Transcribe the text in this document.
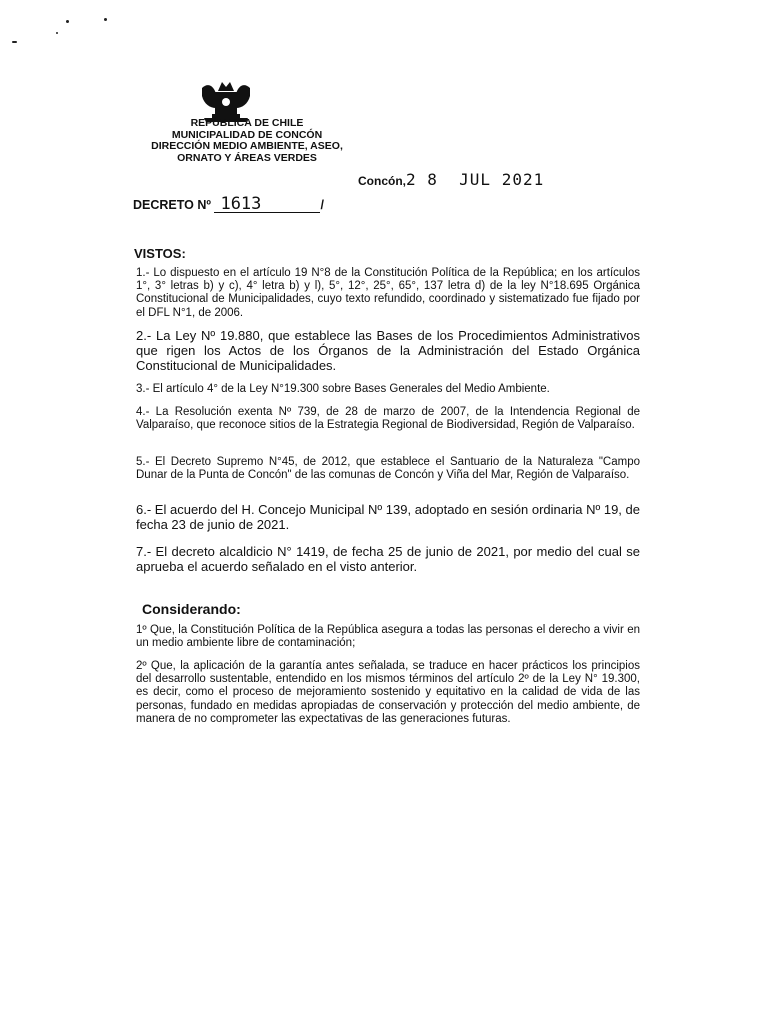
REPÚBLICA DE CHILE
MUNICIPALIDAD DE CONCÓN
DIRECCIÓN MEDIO AMBIENTE, ASEO,
ORNATO Y ÁREAS VERDES
Concón,2 8  JUL 2021
DECRETO Nº 1613	/
VISTOS:
1.- Lo dispuesto en el artículo 19 N°8 de la Constitución Política de la República; en los artículos 1°, 3° letras b) y c), 4° letra b) y l), 5°, 12°, 25°, 65°, 137 letra d) de la ley N°18.695 Orgánica Constitucional de Municipalidades, cuyo texto refundido, coordinado y sistematizado fue fijado por el DFL N°1, de 2006.
2.- La Ley Nº 19.880, que establece las Bases de los Procedimientos Administrativos que rigen los Actos de los Órganos de la Administración del Estado Orgánica Constitucional de Municipalidades.
3.- El artículo 4° de la Ley N°19.300 sobre Bases Generales del Medio Ambiente.
4.- La Resolución exenta Nº 739, de 28 de marzo de 2007, de la Intendencia Regional de Valparaíso, que reconoce sitios de la Estrategia Regional de Biodiversidad, Región de Valparaíso.
5.- El Decreto Supremo N°45, de 2012, que establece el Santuario de la Naturaleza "Campo Dunar de la Punta de Concón" de las comunas de Concón y Viña del Mar, Región de Valparaíso.
6.- El acuerdo del H. Concejo Municipal Nº 139, adoptado en sesión ordinaria Nº 19, de fecha 23 de junio de 2021.
7.- El decreto alcaldicio N° 1419, de fecha 25 de junio de 2021, por medio del cual se aprueba el acuerdo señalado en el visto anterior.
Considerando:
1º Que, la Constitución Política de la República asegura a todas las personas el derecho a vivir en un medio ambiente libre de contaminación;
2º Que, la aplicación de la garantía antes señalada, se traduce en hacer prácticos los principios del desarrollo sustentable, entendido en los mismos términos del artículo 2º de la Ley N° 19.300, es decir, como el proceso de mejoramiento sostenido y equitativo en la calidad de vida de las personas, fundado en medidas apropiadas de conservación y protección del medio ambiente, de manera de no comprometer las expectativas de las generaciones futuras.
